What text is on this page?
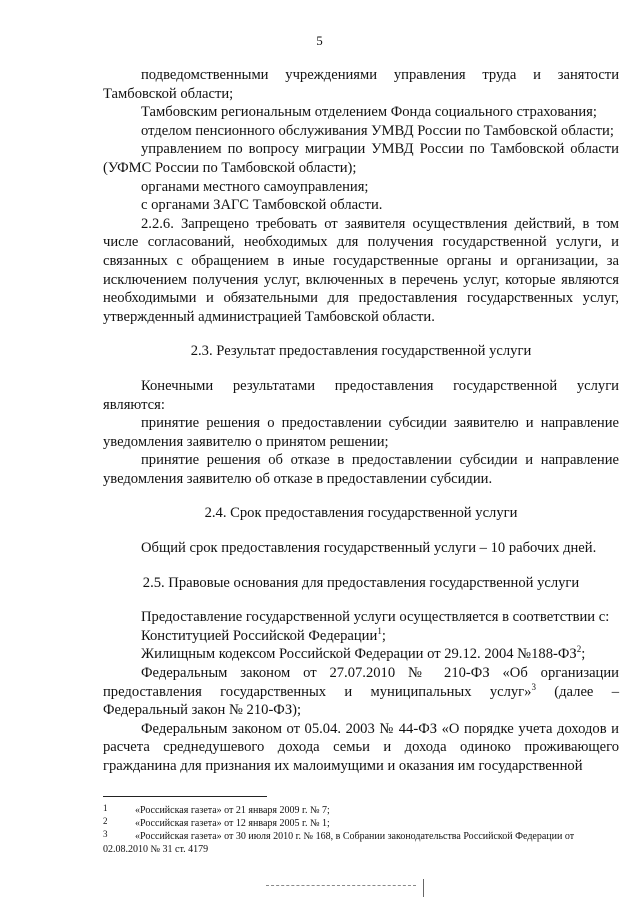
5

подведомственными учреждениями управления труда и занятости Тамбовской области;

Тамбовским региональным отделением Фонда социального страхования;

отделом пенсионного обслуживания УМВД России по Тамбовской области;

управлением по вопросу миграции УМВД России по Тамбовской области (УФМС России по Тамбовской области);

органами местного самоуправления;

с органами ЗАГС Тамбовской области.

2.2.6. Запрещено требовать от заявителя осуществления действий, в том числе согласований, необходимых для получения государственной услуги, и связанных с обращением в иные государственные органы и организации, за исключением получения услуг, включенных в перечень услуг, которые являются необходимыми и обязательными для предоставления государственных услуг, утвержденный администрацией Тамбовской области.

2.3. Результат предоставления государственной услуги

Конечными результатами предоставления государственной услуги являются:

принятие решения о предоставлении субсидии заявителю и направление уведомления заявителю о принятом решении;

принятие решения об отказе в предоставлении субсидии и направление уведомления заявителю об отказе в предоставлении субсидии.

2.4. Срок предоставления государственной услуги

Общий срок предоставления государственный услуги – 10 рабочих дней.

2.5. Правовые основания для предоставления государственной услуги

Предоставление государственной услуги осуществляется в соответствии с:

Конституцией Российской Федерации$^1$;

Жилищным кодексом Российской Федерации от 29.12. 2004 №188-ФЗ$^2$;

Федеральным законом от 27.07.2010 № 210-ФЗ «Об организации предоставления государственных и муниципальных услуг»$^3$ (далее – Федеральный закон № 210-ФЗ);

Федеральным законом от 05.04. 2003 № 44-ФЗ «О порядке учета доходов и расчета среднедушевого дохода семьи и дохода одиноко проживающего гражданина для признания их малоимущими и оказания им государственной

1	«Российская газета» от 21 января 2009 г. № 7;

2	«Российская газета» от 12 января 2005 г. № 1;

3	«Российская газета» от 30 июля 2010 г. № 168, в Собрании законодательства Российской Федерации от 02.08.2010 № 31 ст. 4179
